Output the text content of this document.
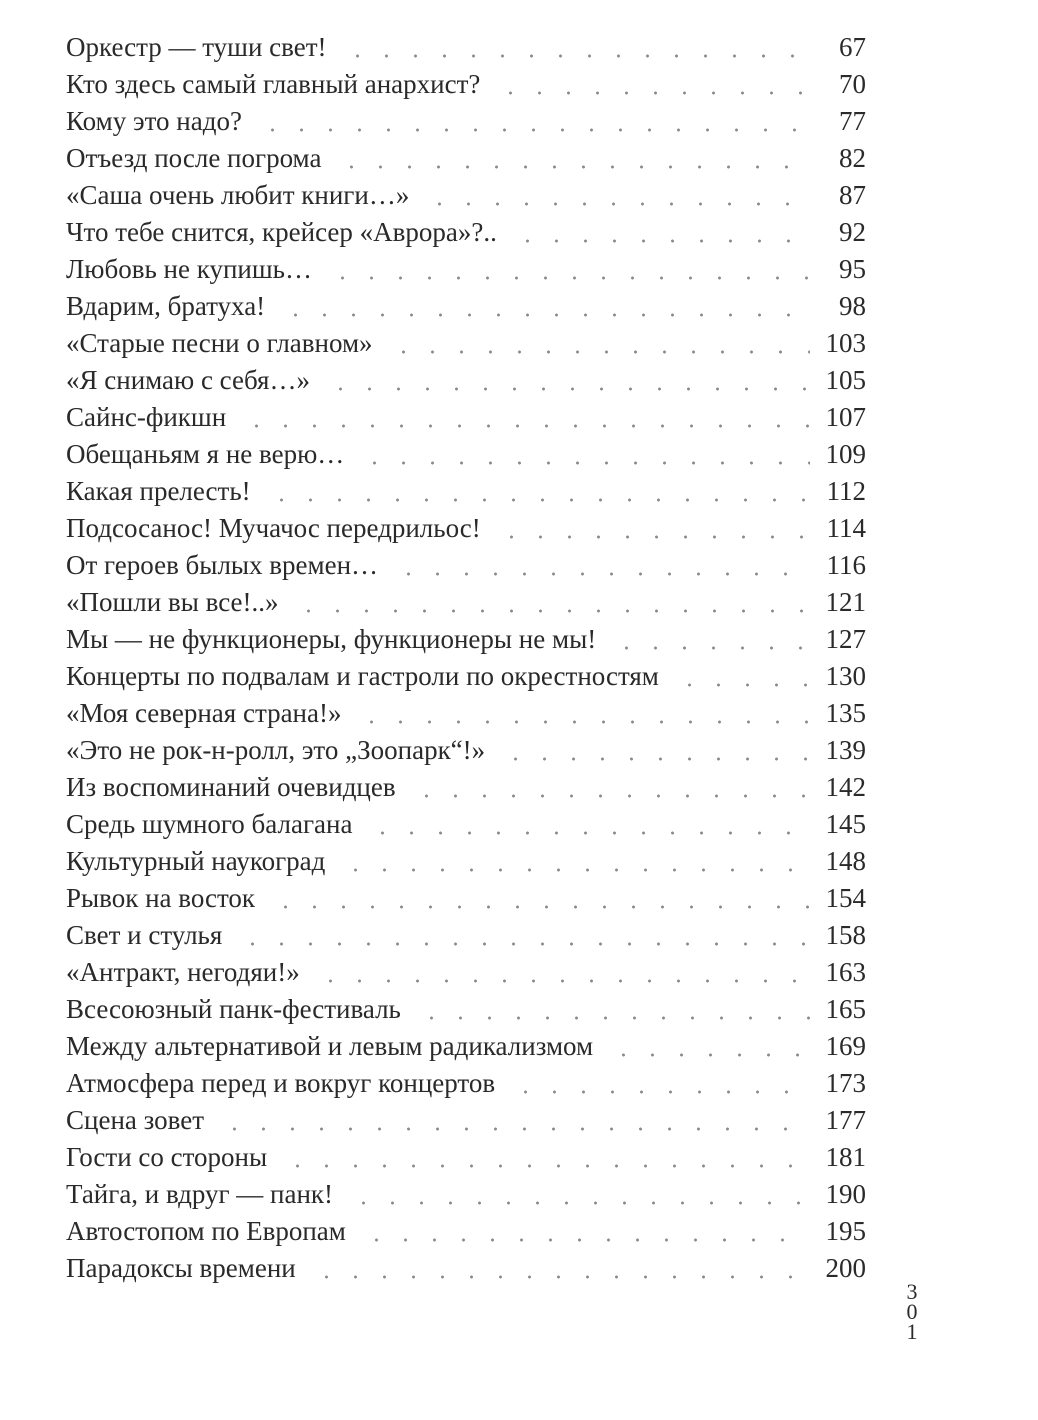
Оркестр — туши свет!	67
Кто здесь самый главный анархист?	70
Кому это надо?	77
Отъезд после погрома	82
«Саша очень любит книги…»	87
Что тебе снится, крейсер «Аврора»?..	92
Любовь не купишь…	95
Вдарим, братуха!	98
«Старые песни о главном»	103
«Я снимаю с себя…»	105
Сайнс-фикшн	107
Обещаньям я не верю…	109
Какая прелесть!	112
Подсосанос! Мучачос передрильос!	114
От героев былых времен…	116
«Пошли вы все!..»	121
Мы — не функционеры, функционеры не мы!	127
Концерты по подвалам и гастроли по окрестностям	130
«Моя северная страна!»	135
«Это не рок-н-ролл, это „Зоопарк“!»	139
Из воспоминаний очевидцев	142
Средь шумного балагана	145
Культурный наукоград	148
Рывок на восток	154
Свет и стулья	158
«Антракт, негодяи!»	163
Всесоюзный панк-фестиваль	165
Между альтернативой и левым радикализмом	169
Атмосфера перед и вокруг концертов	173
Сцена зовет	177
Гости со стороны	181
Тайга, и вдруг — панк!	190
Автостопом по Европам	195
Парадоксы времени	200
3
0
1
